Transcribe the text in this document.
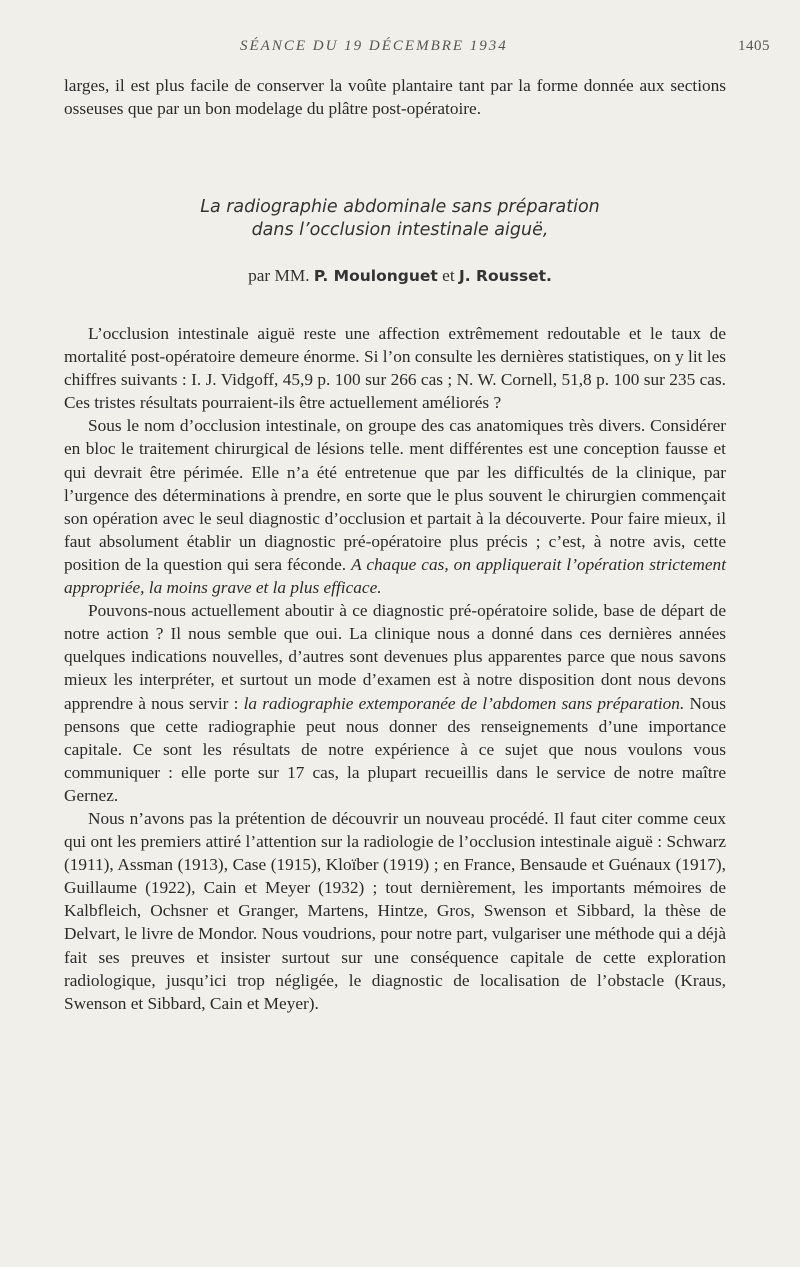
SÉANCE DU 19 DÉCEMBRE 1934	1405
larges, il est plus facile de conserver la voûte plantaire tant par la forme donnée aux sections osseuses que par un bon modelage du plâtre post-opératoire.
La radiographie abdominale sans préparation
dans l’occlusion intestinale aiguë,
par MM. P. Moulonguet et J. Rousset.

L’occlusion intestinale aiguë reste une affection extrêmement redoutable et le taux de mortalité post-opératoire demeure énorme. Si l’on consulte les dernières statistiques, on y lit les chiffres suivants : I. J. Vidgoff, 45,9 p. 100 sur 266 cas ; N. W. Cornell, 51,8 p. 100 sur 235 cas. Ces tristes résultats pourraient-ils être actuellement améliorés ?

Sous le nom d’occlusion intestinale, on groupe des cas anatomiques très divers. Considérer en bloc le traitement chirurgical de lésions telle. ment différentes est une conception fausse et qui devrait être périmée. Elle n’a été entretenue que par les difficultés de la clinique, par l’urgence des déterminations à prendre, en sorte que le plus souvent le chirurgien commençait son opération avec le seul diagnostic d’occlusion et partait à la découverte. Pour faire mieux, il faut absolument établir un diagnostic pré-opératoire plus précis ; c’est, à notre avis, cette position de la question qui sera féconde. A chaque cas, on appliquerait l’opération strictement appropriée, la moins grave et la plus efficace.

Pouvons-nous actuellement aboutir à ce diagnostic pré-opératoire solide, base de départ de notre action ? Il nous semble que oui. La clinique nous a donné dans ces dernières années quelques indications nouvelles, d’autres sont devenues plus apparentes parce que nous savons mieux les interpréter, et surtout un mode d’examen est à notre disposition dont nous devons apprendre à nous servir : la radiographie extemporanée de l’abdomen sans préparation. Nous pensons que cette radiographie peut nous donner des renseignements d’une importance capitale. Ce sont les résultats de notre expérience à ce sujet que nous voulons vous communiquer : elle porte sur 17 cas, la plupart recueillis dans le service de notre maître Gernez.

Nous n’avons pas la prétention de découvrir un nouveau procédé. Il faut citer comme ceux qui ont les premiers attiré l’attention sur la radiologie de l’occlusion intestinale aiguë : Schwarz (1911), Assman (1913), Case (1915), Kloïber (1919) ; en France, Bensaude et Guénaux (1917), Guillaume (1922), Cain et Meyer (1932) ; tout dernièrement, les importants mémoires de Kalbfleich, Ochsner et Granger, Martens, Hintze, Gros, Swenson et Sibbard, la thèse de Delvart, le livre de Mondor. Nous voudrions, pour notre part, vulgariser une méthode qui a déjà fait ses preuves et insister surtout sur une conséquence capitale de cette exploration radiologique, jusqu’ici trop négligée, le diagnostic de localisation de l’obstacle (Kraus, Swenson et Sibbard, Cain et Meyer).
